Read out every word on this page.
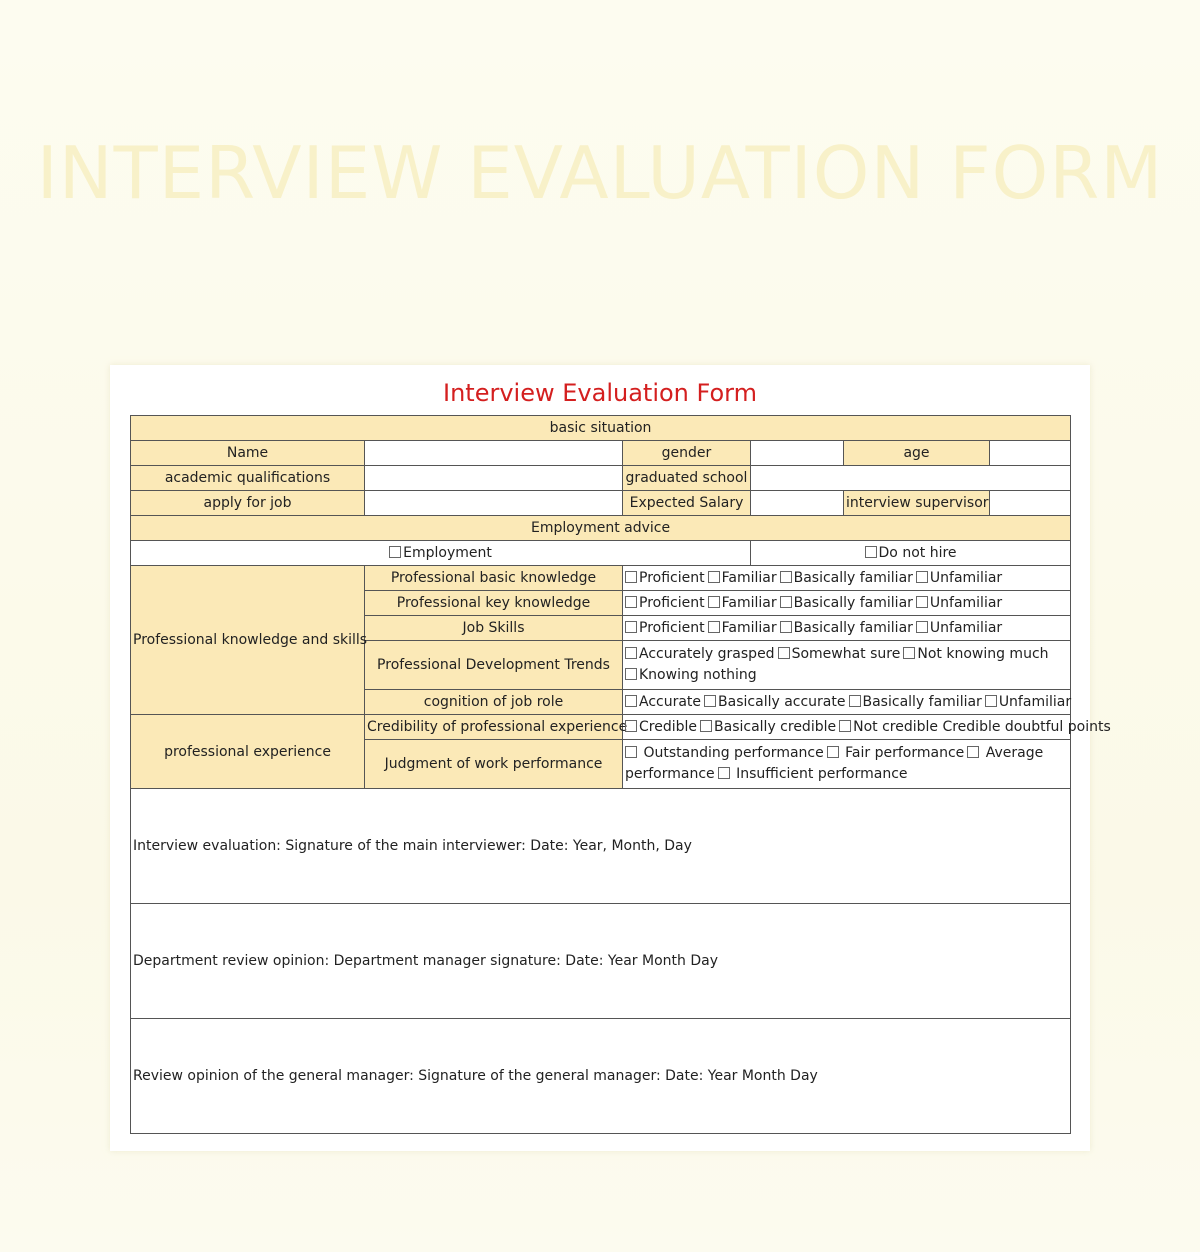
INTERVIEW EVALUATION FORM
Interview Evaluation Form
basic situation					
Name		gender		age	
academic qualifications		graduated school			
apply for job		Expected Salary		interview supervisor	
Employment advice					
Employment			Do not hire		
Professional knowledge and skills	Professional basic knowledge	Proficient Familiar Basically familiar Unfamiliar			
	Professional key knowledge	Proficient Familiar Basically familiar Unfamiliar			
	Job Skills	Proficient Familiar Basically familiar Unfamiliar			
	Professional Development Trends	Accurately grasped Somewhat sure Not knowing much
Knowing nothing			
	cognition of job role	Accurate Basically accurate Basically familiar Unfamiliar			
professional experience	Credibility of professional experience	Credible Basically credible Not credible Credible doubtful points			
	Judgment of work performance	Outstanding performance Fair performance Average performance Insufficient performance			
Interview evaluation: Signature of the main interviewer: Date: Year, Month, Day					
Department review opinion: Department manager signature: Date: Year Month Day					
Review opinion of the general manager: Signature of the general manager: Date: Year Month Day					
